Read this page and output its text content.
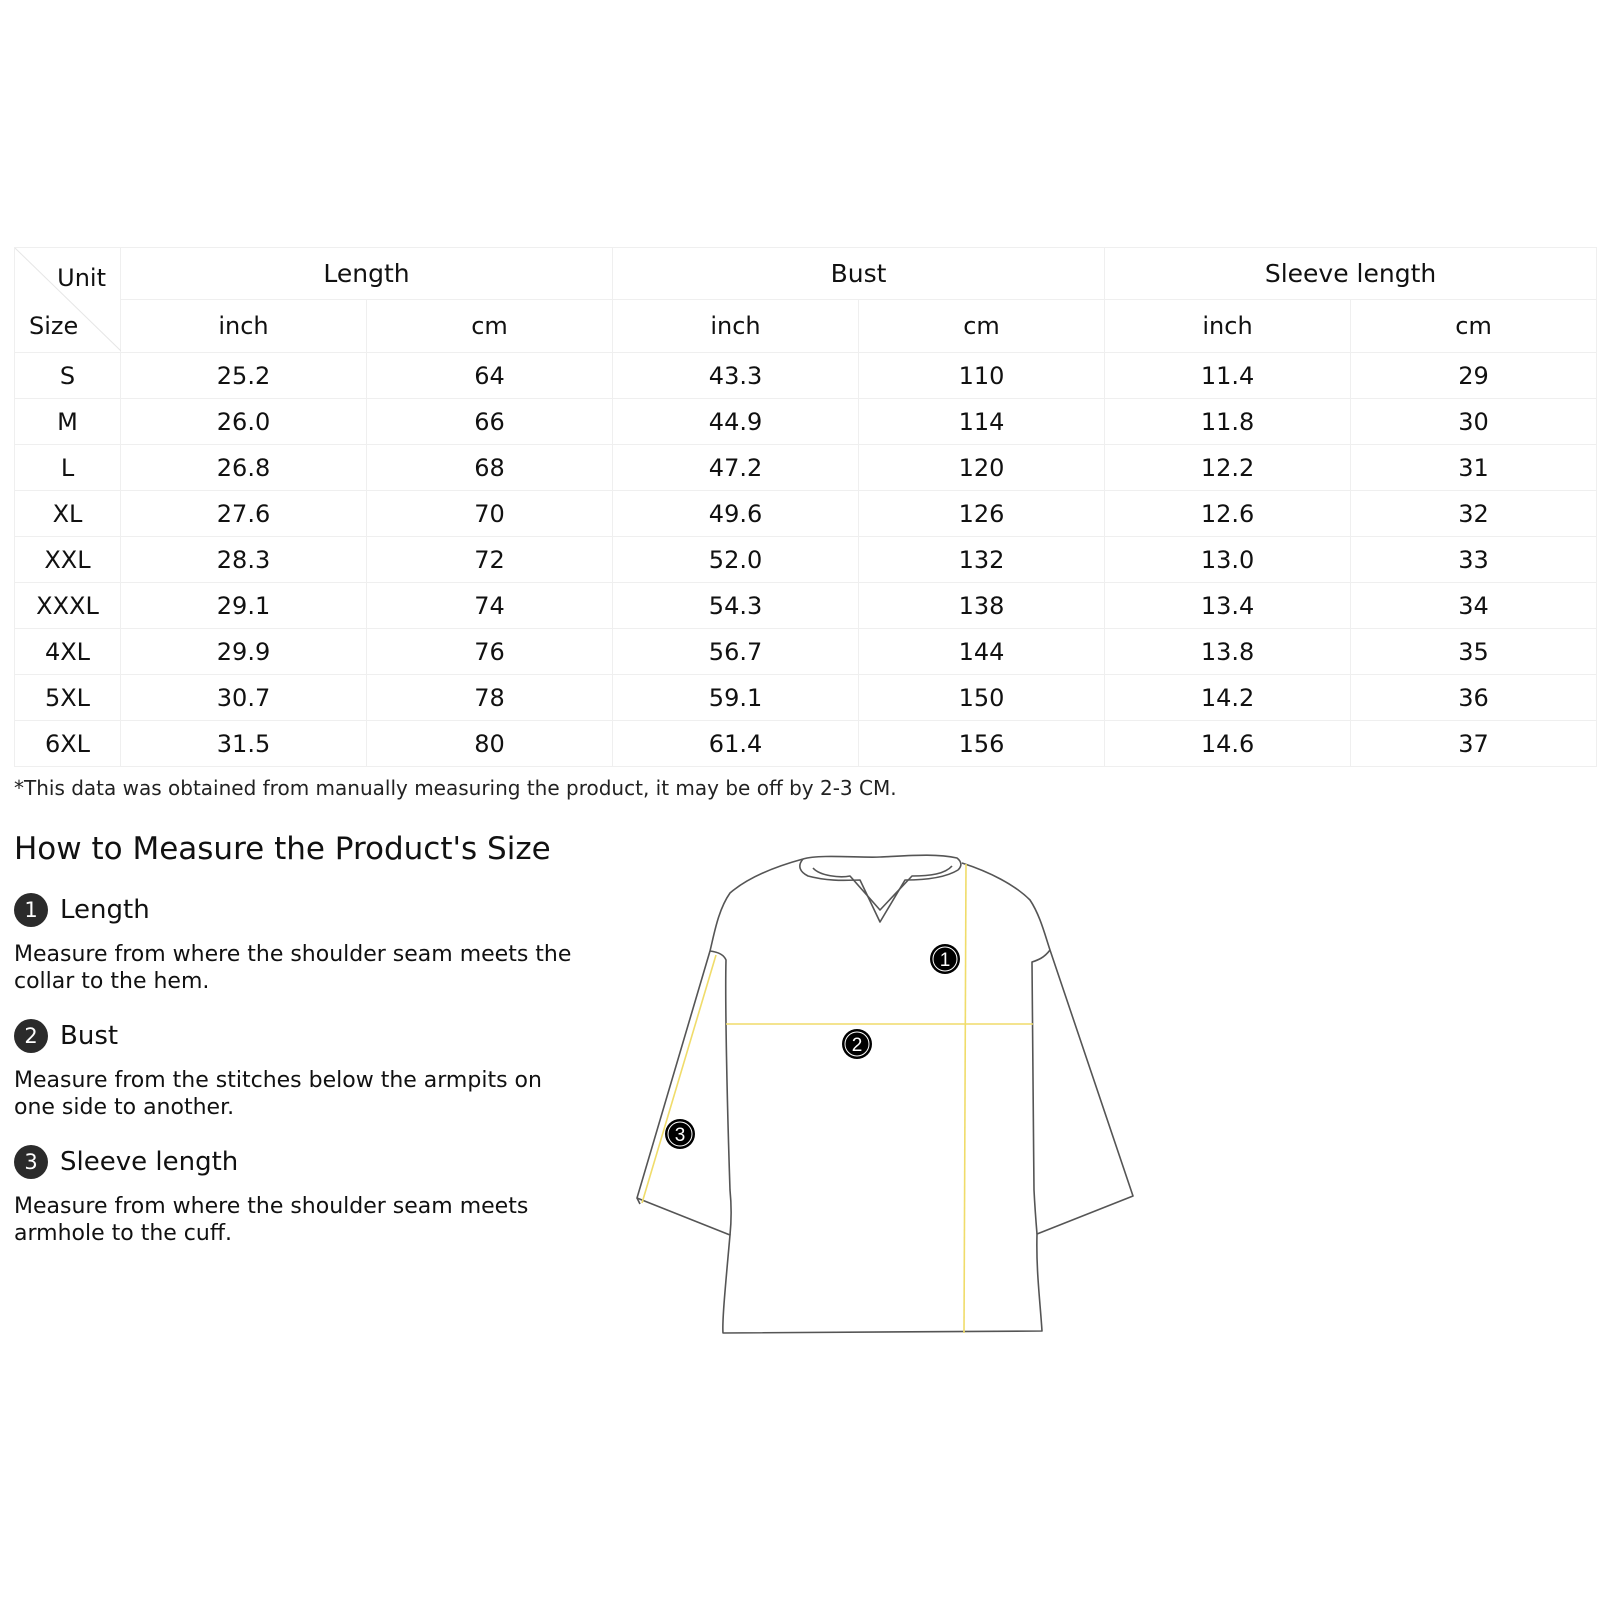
Unit
Size	Length		Bust		Sleeve length	
	inch	cm	inch	cm	inch	cm
S	25.2	64	43.3	110	11.4	29
M	26.0	66	44.9	114	11.8	30
L	26.8	68	47.2	120	12.2	31
XL	27.6	70	49.6	126	12.6	32
XXL	28.3	72	52.0	132	13.0	33
XXXL	29.1	74	54.3	138	13.4	34
4XL	29.9	76	56.7	144	13.8	35
5XL	30.7	78	59.1	150	14.2	36
6XL	31.5	80	61.4	156	14.6	37
*This data was obtained from manually measuring the product, it may be off by 2-3 CM.
How to Measure the Product's Size
1 Length
Measure from where the shoulder seam meets the collar to the hem.
2 Bust
Measure from the stitches below the armpits on one side to another.
3 Sleeve length
Measure from where the shoulder seam meets armhole to the cuff.
1
2
3
